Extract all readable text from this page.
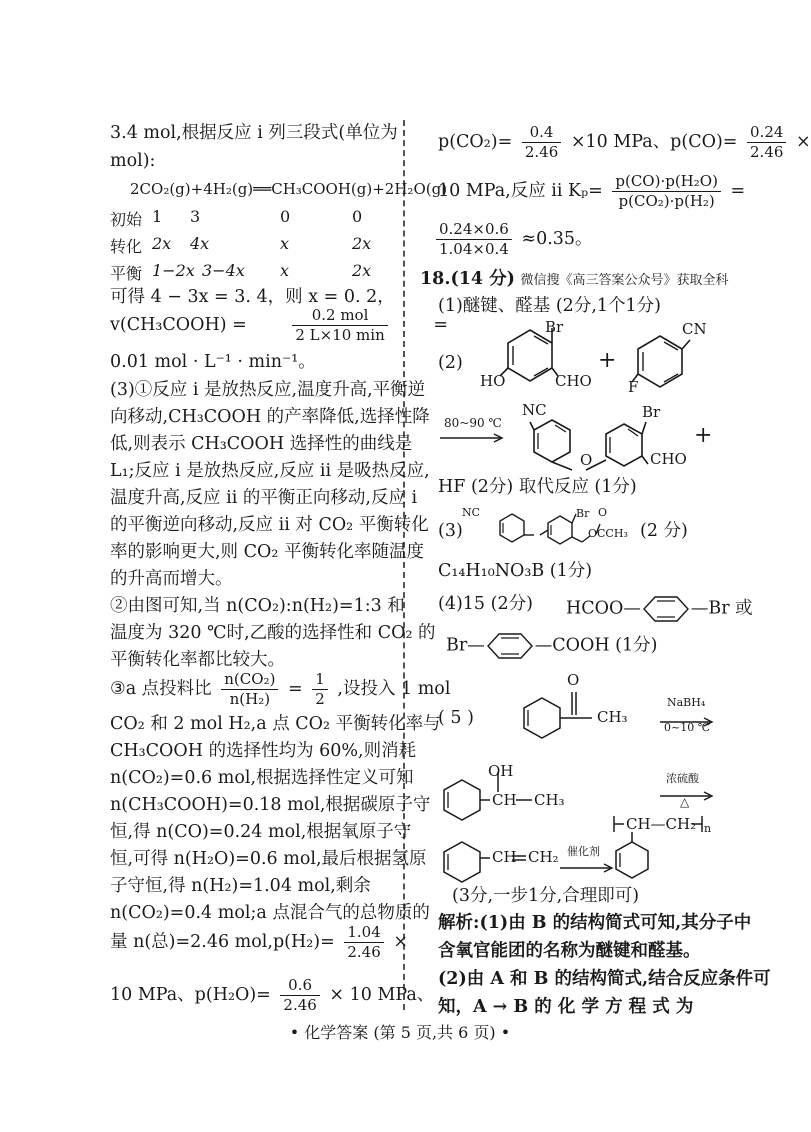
3.4 mol,根据反应 i 列三段式(单位为
mol):
2CO₂(g)+4H₂(g)══CH₃COOH(g)+2H₂O(g)
初始 1 3	0	0
转化 2x 4x	x	2x
平衡 1−2x 3−4x x	2x
可得 4 − 3x = 3. 4，则 x = 0. 2，
v(CH₃COOH) =	$\frac{\text{0.2 mol}}{2 L\times 10 \min}$	=
0.01 mol · L⁻¹ · min⁻¹。
(3)①反应 i 是放热反应,温度升高,平衡逆
向移动,CH₃COOH 的产率降低,选择性降
低,则表示 CH₃COOH 选择性的曲线是
L₁;反应 i 是放热反应,反应 ii 是吸热反应,
温度升高,反应 ii 的平衡正向移动,反应 i
的平衡逆向移动,反应 ii 对 CO₂ 平衡转化
率的影响更大,则 CO₂ 平衡转化率随温度
的升高而增大。
②由图可知,当 n(CO₂):n(H₂)=1:3 和
温度为 320 ℃时,乙酸的选择性和 CO₂ 的
平衡转化率都比较大。
③a 点投料比 $\frac{\text{n(CO₂)}}{\text{n(H₂)}} = \frac{1}{2}$ ,设投入 1 mol
CO₂ 和 2 mol H₂,a 点 CO₂ 平衡转化率与
CH₃COOH 的选择性均为 60%,则消耗
n(CO₂)=0.6 mol,根据选择性定义可知
n(CH₃COOH)=0.18 mol,根据碳原子守
恒,得 n(CO)=0.24 mol,根据氧原子守
恒,可得 n(H₂O)=0.6 mol,最后根据氢原
子守恒,得 n(H₂)=1.04 mol,剩余
n(CO₂)=0.4 mol;a 点混合气的总物质的
量 n(总)=2.46 $mol,p(H_2)= \frac{1.04}{2.46}$ ×
10 MPa、$p(H_2O)= \frac{0.6}{2.46} \times 10$ MPa、
$p(CO_2)= \frac{0.4}{2.46} \times 10$ MPa、$p(CO)= \frac{0.24}{2.46}$ ×
10 MPa,反应 ii $K_p= \frac{\text{p(CO)·p(H₂O)}}{\text{p(CO₂)·p(H₂)}}$ =
$\frac{0.24\times 0.6}{1.04\times 0.4} \approx 0.35$。
18.(14 分) 微信搜《高三答案公众号》获取全科
(1)醚键、醛基 (2分,1个1分)
(2)
Br
HO	CHO
+
CN
F
80~90 ℃
NC
O
Br
CHO
+
HF (2分) 取代反应 (1分)
(3)
NC	Br
OCCH₃
O
(2 分)
C₁₄H₁₀NO₃B (1分)
(4)15 (2分) HCOO—	—Br 或
Br—	—COOH (1分)
( 5 )
O
CH₃
NaBH₄
0~10 ℃
OH
CH CH₃
浓硫酸
△
CH CH₂ 催化剂
CH—CH₂ n
(3分,一步1分,合理即可)
解析:(1)由 B 的结构简式可知,其分子中
含氧官能团的名称为醚键和醛基。
(2)由 A 和 B 的结构简式,结合反应条件可
知，A → B 的 化 学 方 程 式 为
• 化学答案 (第 5 页,共 6 页) •
